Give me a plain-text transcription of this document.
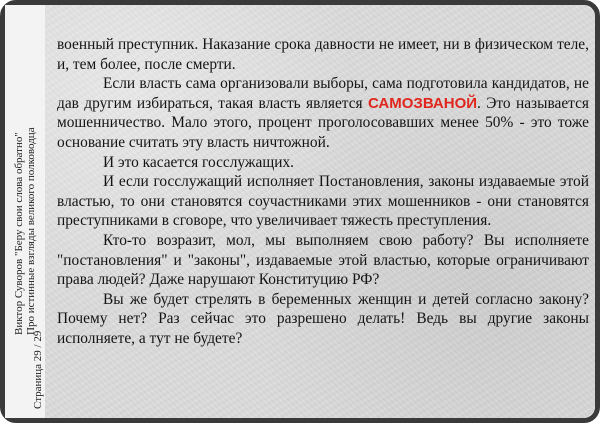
Виктор Суворов "Беру свои слова обратно" Про истинные взгляды великого полководца
Страница 29 / 29

военный преступник. Наказание срока давности не имеет, ни в физическом теле, и, тем более, после смерти.

Если власть сама организовали выборы, сама подготовила кандидатов, не дав другим избираться, такая власть является САМОЗВАНОЙ. Это называется мошенничество. Мало этого, процент проголосовавших менее 50% - это тоже основание считать эту власть ничтожной.

И это касается госслужащих.

И если госслужащий исполняет Постановления, законы издаваемые этой властью, то они становятся соучастниками этих мошенников - они становятся преступниками в сговоре, что увеличивает тяжесть преступления.

Кто-то возразит, мол, мы выполняем свою работу? Вы исполняете "постановления" и "законы", издаваемые этой властью, которые ограничивают права людей? Даже нарушают Конституцию РФ?

Вы же будет стрелять в беременных женщин и детей согласно закону? Почему нет? Раз сейчас это разрешено делать! Ведь вы другие законы исполняете, а тут не будете?
